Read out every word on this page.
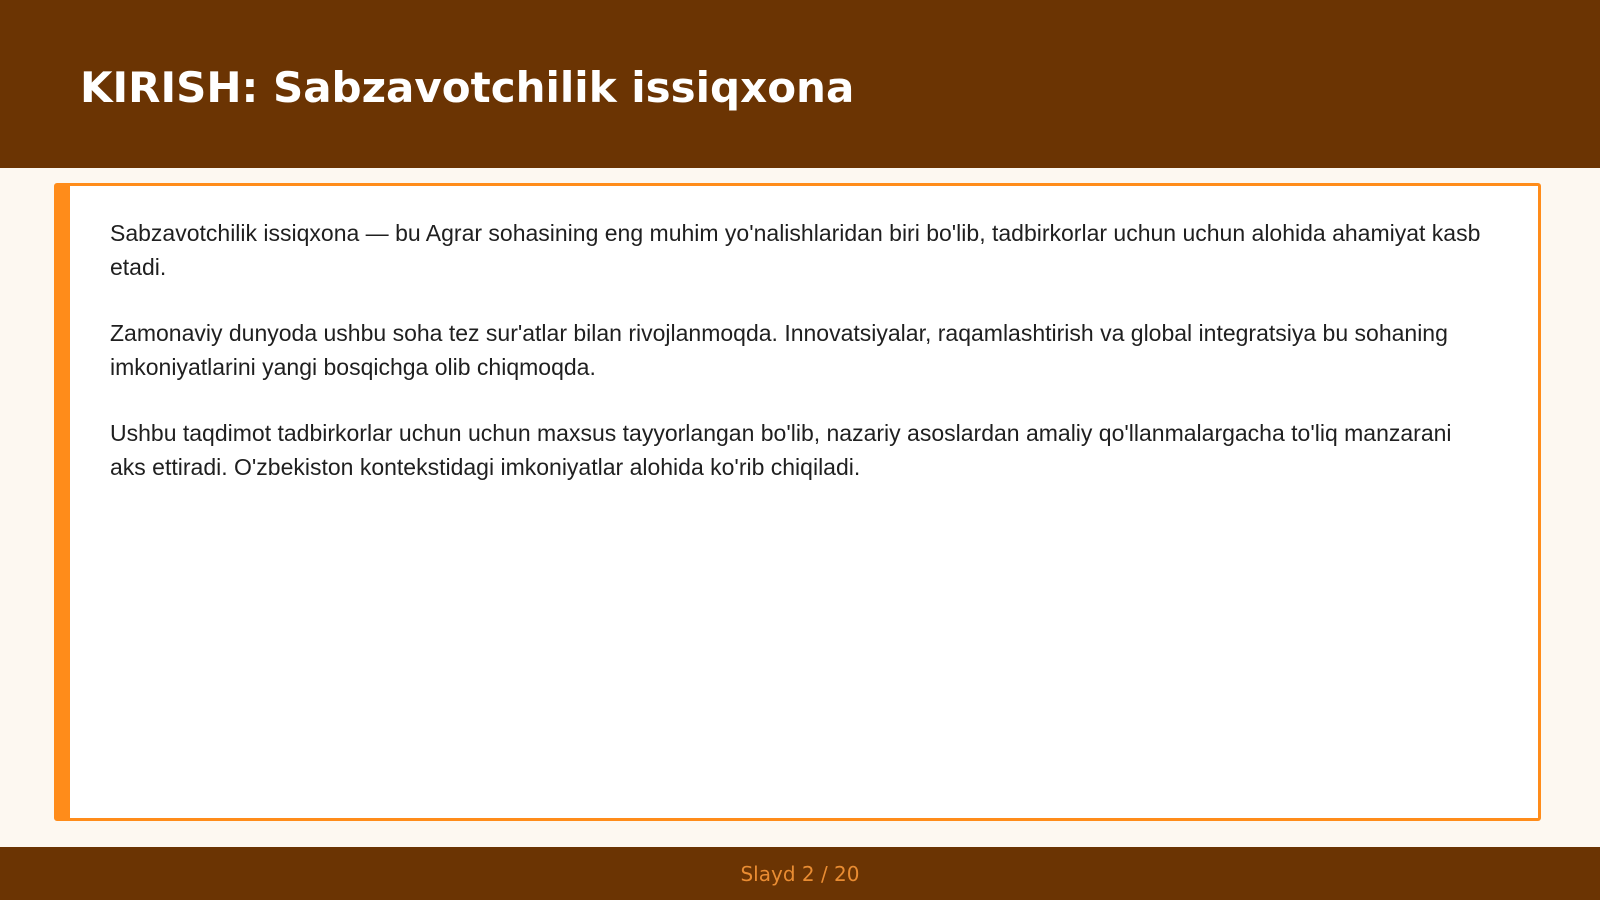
KIRISH: Sabzavotchilik issiqxona

Sabzavotchilik issiqxona — bu Agrar sohasining eng muhim yo'nalishlaridan biri bo'lib, tadbirkorlar uchun uchun alohida ahamiyat kasb etadi.

Zamonaviy dunyoda ushbu soha tez sur'atlar bilan rivojlanmoqda. Innovatsiyalar, raqamlashtirish va global integratsiya bu sohaning imkoniyatlarini yangi bosqichga olib chiqmoqda.

Ushbu taqdimot tadbirkorlar uchun uchun maxsus tayyorlangan bo'lib, nazariy asoslardan amaliy qo'llanmalargacha to'liq manzarani aks ettiradi. O'zbekiston kontekstidagi imkoniyatlar alohida ko'rib chiqiladi.

Slayd 2 / 20
